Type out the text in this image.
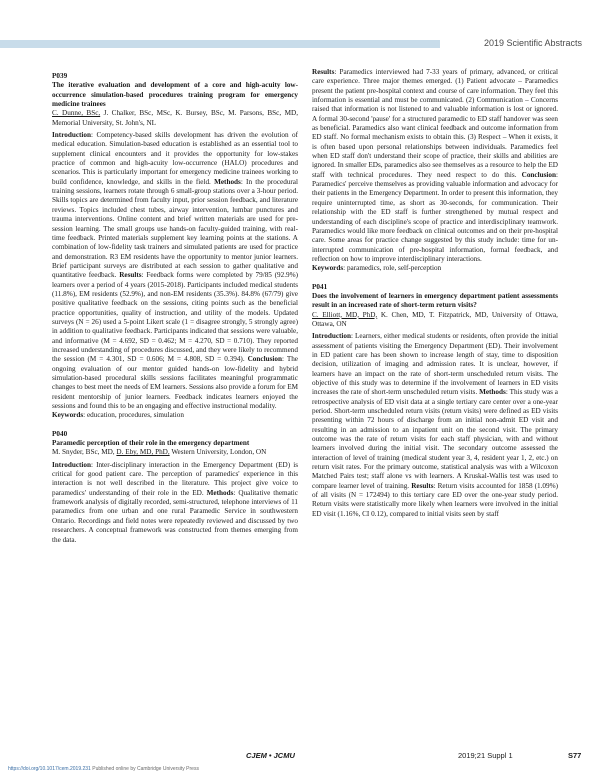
2019 Scientific Abstracts

P039

The iterative evaluation and development of a core and high-acuity low-occurrence simulation-based procedures training program for emergency medicine trainees

C. Dunne, BSc, J. Chalker, BSc, MSc, K. Bursey, BSc, M. Parsons, BSc, MD, Memorial University, St. John's, NL

Introduction: Competency-based skills development has driven the evolution of medical education. Simulation-based education is established as an essential tool to supplement clinical encounters and it provides the opportunity for low-stakes practice of common and high-acuity low-occurrence (HALO) procedures and scenarios. This is particularly important for emergency medicine trainees working to build confidence, knowledge, and skills in the field. Methods: In the procedural training sessions, learners rotate through 6 small-group stations over a 3-hour period. Skills topics are determined from faculty input, prior session feedback, and literature reviews. Topics included chest tubes, airway intervention, lumbar punctures and trauma interventions. Online content and brief written materials are used for pre-session learning. The small groups use hands-on faculty-guided training, with real-time feedback. Printed materials supplement key learning points at the stations. A combination of low-fidelity task trainers and simulated patients are used for practice and demonstration. R3 EM residents have the opportunity to mentor junior learners. Brief participant surveys are distributed at each session to gather qualitative and quantitative feedback. Results: Feedback forms were completed by 79/85 (92.9%) learners over a period of 4 years (2015-2018). Participants included medical students (11.8%), EM residents (52.9%), and non-EM residents (35.3%). 84.8% (67/79) give positive qualitative feedback on the sessions, citing points such as the beneficial practice opportunities, quality of instruction, and utility of the models. Updated surveys (N = 26) used a 5-point Likert scale (1 = disagree strongly, 5 strongly agree) in addition to qualitative feedback. Participants indicated that sessions were valuable, and informative (M = 4.692, SD = 0.462; M = 4.270, SD = 0.710). They reported increased understanding of procedures discussed, and they were likely to recommend the session (M = 4.301, SD = 0.606; M = 4.808, SD = 0.394). Conclusion: The ongoing evaluation of our mentor guided hands-on low-fidelity and hybrid simulation-based procedural skills sessions facilitates meaningful programmatic changes to best meet the needs of EM learners. Sessions also provide a forum for EM resident mentorship of junior learners. Feedback indicates learners enjoyed the sessions and found this to be an engaging and effective instructional modality.

Keywords: education, procedures, simulation

P040

Paramedic perception of their role in the emergency department

M. Snyder, BSc, MD, D. Eby, MD, PhD, Western University, London, ON

Introduction: Inter-disciplinary interaction in the Emergency Department (ED) is critical for good patient care. The perception of paramedics' experience in this interaction is not well described in the literature. This project give voice to paramedics' understanding of their role in the ED. Methods: Qualitative thematic framework analysis of digitally recorded, semi-structured, telephone interviews of 11 paramedics from one urban and one rural Paramedic Service in southwestern Ontario. Recordings and field notes were repeatedly reviewed and discussed by two researchers. A conceptual framework was constructed from themes emerging from the data.

Results: Paramedics interviewed had 7-33 years of primary, advanced, or critical care experience. Three major themes emerged. (1) Patient advocate – Paramedics present the patient pre-hospital context and course of care information. They feel this information is essential and must be communicated. (2) Communication – Concerns raised that information is not listened to and valuable information is lost or ignored. A formal 30-second 'pause' for a structured paramedic to ED staff handover was seen as beneficial. Paramedics also want clinical feedback and outcome information from ED staff. No formal mechanism exists to obtain this. (3) Respect – When it exists, it is often based upon personal relationships between individuals. Paramedics feel when ED staff don't understand their scope of practice, their skills and abilities are ignored. In smaller EDs, paramedics also see themselves as a resource to help the ED staff with technical procedures. They need respect to do this. Conclusion: Paramedics' perceive themselves as providing valuable information and advocacy for their patients in the Emergency Department. In order to present this information, they require uninterrupted time, as short as 30-seconds, for communication. Their relationship with the ED staff is further strengthened by mutual respect and understanding of each discipline's scope of practice and interdisciplinary teamwork. Paramedics would like more feedback on clinical outcomes and on their pre-hospital care. Some areas for practice change suggested by this study include: time for un-interrupted communication of pre-hospital information, formal feedback, and reflection on how to improve interdisciplinary interactions.

Keywords: paramedics, role, self-perception

P041

Does the involvement of learners in emergency department patient assessments result in an increased rate of short-term return visits?

C. Elliott, MD, PhD, K. Chen, MD, T. Fitzpatrick, MD, University of Ottawa, Ottawa, ON

Introduction: Learners, either medical students or residents, often provide the initial assessment of patients visiting the Emergency Department (ED). Their involvement in ED patient care has been shown to increase length of stay, time to disposition decision, utilization of imaging and admission rates. It is unclear, however, if learners have an impact on the rate of short-term unscheduled return visits. The objective of this study was to determine if the involvement of learners in ED visits increases the rate of short-term unscheduled return visits. Methods: This study was a retrospective analysis of ED visit data at a single tertiary care center over a one-year period. Short-term unscheduled return visits (return visits) were defined as ED visits presenting within 72 hours of discharge from an initial non-admit ED visit and resulting in an admission to an inpatient unit on the second visit. The primary outcome was the rate of return visits for each staff physician, with and without learners involved during the initial visit. The secondary outcome assessed the interaction of level of training (medical student year 3, 4, resident year 1, 2, etc.) on return visit rates. For the primary outcome, statistical analysis was with a Wilcoxon Matched Pairs test; staff alone vs with learners. A Kruskal-Wallis test was used to compare learner level of training. Results: Return visits accounted for 1858 (1.09%) of all visits (N = 172494) to this tertiary care ED over the one-year study period. Return visits were statistically more likely when learners were involved in the initial ED visit (1.16%, CI 0.12), compared to initial visits seen by staff

CJEM • JCMU	2019;21 Suppl 1	S77
https://doi.org/10.1017/cem.2019.231 Published online by Cambridge University Press
